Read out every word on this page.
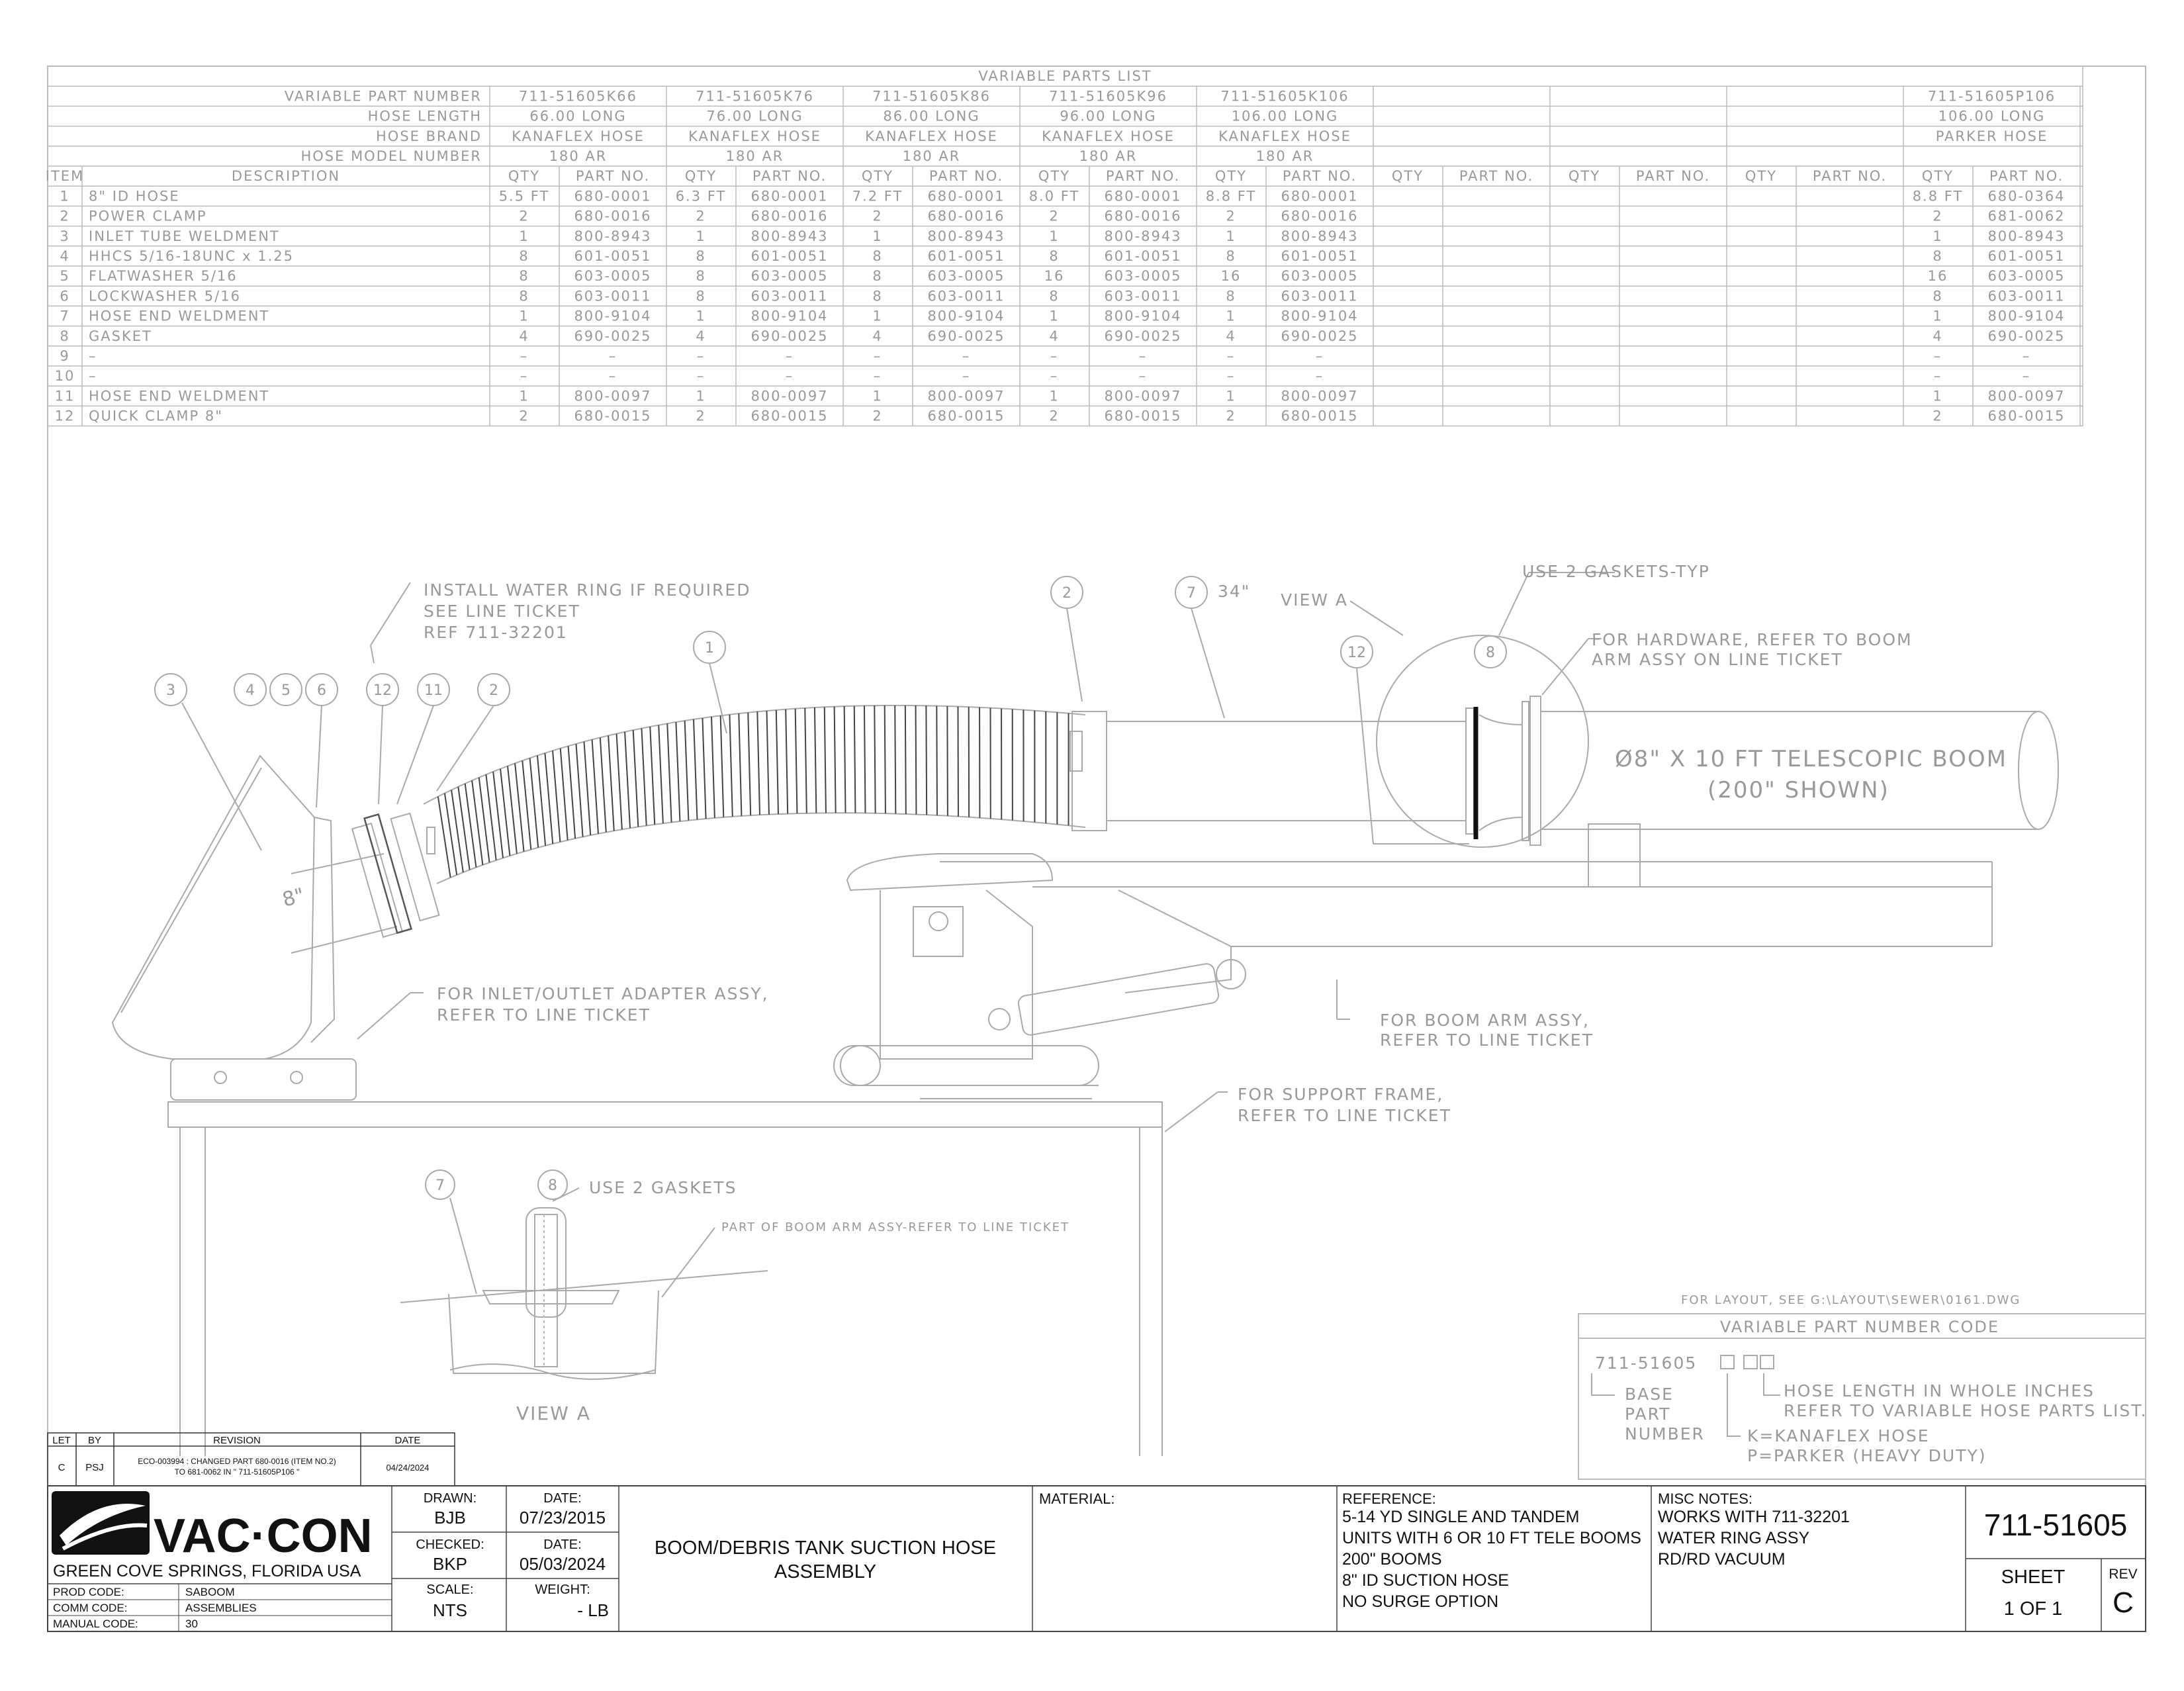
VARIABLE PARTS LIST
VARIABLE PART NUMBER	711-51605K66	711-51605K76	711-51605K86	711-51605K96	711-51605K106	711-51605P106
HOSE LENGTH	66.00 LONG	76.00 LONG	86.00 LONG	96.00 LONG	106.00 LONG	106.00 LONG
HOSE BRAND KANAFLEX HOSE	KANAFLEX HOSE	KANAFLEX HOSE	KANAFLEX HOSE	KANAFLEX HOSE	PARKER HOSE
HOSE MODEL NUMBER	180 AR	180 AR	180 AR	180 AR	180 AR
ITEM	DESCRIPTION	QTY	PART NO.	QTY	PART NO.	QTY	PART NO.	QTY	PART NO.	QTY	PART NO.	QTY	PART NO.	QTY	PART NO.	QTY	PART NO.	QTY	PART NO.
1 8" ID HOSE	5.5 FT 680-0001 6.3 FT 680-0001 7.2 FT 680-0001 8.0 FT 680-0001 8.8 FT 680-0001	8.8 FT 680-0364
2 POWER CLAMP	2	680-0016	2	680-0016	2	680-0016	2	680-0016	2	680-0016	2	681-0062
3 INLET TUBE WELDMENT	1	800-8943	1	800-8943	1	800-8943	1	800-8943	1	800-8943	1	800-8943
4 HHCS 5/16-18UNC x 1.25	8	601-0051	8	601-0051	8	601-0051	8	601-0051	8	601-0051	8	601-0051
5 FLATWASHER 5/16	8	603-0005	8	603-0005	8	603-0005	16	603-0005	16	603-0005	16	603-0005
6 LOCKWASHER 5/16	8	603-0011	8	603-0011	8	603-0011	8	603-0011	8	603-0011	8	603-0011
7 HOSE END WELDMENT	1	800-9104	1	800-9104	1	800-9104	1	800-9104	1	800-9104	1	800-9104
8 GASKET	4	690-0025	4	690-0025	4	690-0025	4	690-0025	4	690-0025	4	690-0025
9 –	–	–	–	–	–	–	–	–	–	–	–	–
10 –	–	–	–	–	–	–	–	–	–	–	–	–
11 HOSE END WELDMENT	1	800-0097	1	800-0097	1	800-0097	1	800-0097	1	800-0097	1	800-0097
12 QUICK CLAMP 8"	2	680-0015	2	680-0015	2	680-0015	2	680-0015	2	680-0015	2	680-0015
8"
Ø8" X 10 FT TELESCOPIC BOOM
(200" SHOWN)
3	4 5 6	12 11	2
1
2	7
12	8
7	8
INSTALL WATER RING IF REQUIRED
SEE LINE TICKET
REF 711-32201
34" VIEW A
USE 2 GASKETS-TYP
FOR HARDWARE, REFER TO BOOM
ARM ASSY ON LINE TICKET
FOR INLET/OUTLET ADAPTER ASSY,
REFER TO LINE TICKET	FOR BOOM ARM ASSY,
REFER TO LINE TICKET
FOR SUPPORT FRAME,
REFER TO LINE TICKET
FOR LAYOUT, SEE G:\LAYOUT\SEWER\0161.DWG
USE 2 GASKETS
PART OF BOOM ARM ASSY-REFER TO LINE TICKET
VIEW A
VARIABLE PART NUMBER CODE
711-51605
BASE
PART
NUMBER
HOSE LENGTH IN WHOLE INCHES
REFER TO VARIABLE HOSE PARTS LIST.
K=KANAFLEX HOSE
P=PARKER (HEAVY DUTY)
LET BY	REVISION	DATE
C PSJ
ECO-003994 : CHANGED PART 680-0016 (ITEM NO.2)
TO 681-0062 IN " 711-51605P106 "	04/24/2024
VAC·CON
GREEN COVE SPRINGS, FLORIDA USA
PROD CODE:	SABOOM
COMM CODE:	ASSEMBLIES
MANUAL CODE:	30
DRAWN:
BJB
DATE:
07/23/2015
CHECKED:
BKP
DATE:
05/03/2024
SCALE:
NTS
WEIGHT:
- LB
BOOM/DEBRIS TANK SUCTION HOSE
ASSEMBLY
MATERIAL:	REFERENCE:
5-14 YD SINGLE AND TANDEM
UNITS WITH 6 OR 10 FT TELE BOOMS
200" BOOMS
8" ID SUCTION HOSE
NO SURGE OPTION
MISC NOTES:
WORKS WITH 711-32201
WATER RING ASSY
RD/RD VACUUM
711-51605
SHEET
1 OF 1
REV
C
